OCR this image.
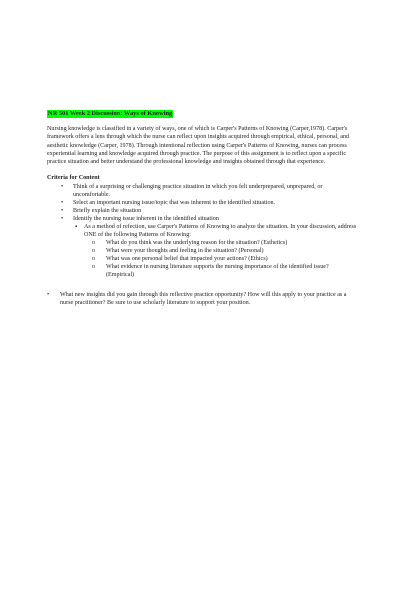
NR 501 Week 2 Discussion: Ways of Knowing

Nursing knowledge is classified in a variety of ways, one of which is Carper's Patterns of Knowing (Carper,1978). Carper's framework offers a lens through which the nurse can reflect upon insights acquired through empirical, ethical, personal, and aesthetic knowledge (Carper, 1978). Through intentional reflection using Carper's Patterns of Knowing, nurses can process experiential learning and knowledge acquired through practice. The purpose of this assignment is to reflect upon a specific practice situation and better understand the professional knowledge and insights obtained through that experience.

Criteria for Content
• Think of a surprising or challenging practice situation in which you felt underprepared, unprepared, or uncomfortable.
• Select an important nursing issue/topic that was inherent to the identified situation.
• Briefly explain the situation
• Identify the nursing issue inherent in the identified situation
▪ As a method of refection, use Carper's Patterns of Knowing to analyze the situation. In your discussion, address ONE of the following Patterns of Knowing:
o What do you think was the underlying reason for the situation? (Esthetics)
o What were your thoughts and feeling in the situation? (Personal)
o What was one personal belief that impacted your actions? (Ethics)
o What evidence in nursing literature supports the nursing importance of the identified issue? (Empirical)
• What new insights did you gain through this reflective practice opportunity? How will this apply to your practice as a nurse practitioner? Be sure to use scholarly literature to support your position.
